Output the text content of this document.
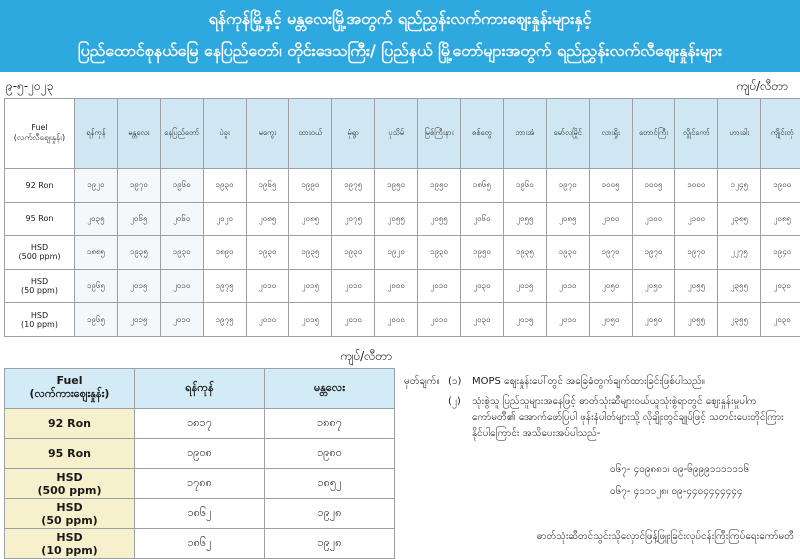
ရန်ကုန်မြို့နှင့် မန္တလေးမြို့အတွက် ရည်ညွှန်းလက်ကားဈေးနှုန်းများနှင့်
ပြည်ထောင်စုနယ်မြေ နေပြည်တော်၊ တိုင်းဒေသကြီး/ ပြည်နယ် မြို့တော်များအတွက် ရည်ညွှန်းလက်လီဈေးနှုန်းများ
၉-၅-၂၀၂၃	ကျပ်/လီတာ
Fuel
(လက်လီဈေးနှုန်း)	ရန်ကုန်	မန္တလေး	နေပြည်တော်	ပဲခူး	မကွေး	ထားဝယ်	မုံရွာ	ပုသိမ်	မြစ်ကြီးနား	စစ်တွေ	ဘားအံ	မော်လမြိုင်	လားရှိုး	တောင်ကြီး	လွိုင်ကော်	ဟားခါး	ကျိုင်းတုံ
92 Ron	၁၉၂၀	၁၉၇၀	၁၉၆၀	၁၉၃၀	၁၉၆၅	၁၉၉၀	၁၉၇၅	၁၉၅၀	၁၉၅၀	၁၈၆၅	၁၉၆၀	၁၉၇၀	၁၀၀၅	၁၀၀၅	၁၀၀၀	၁၂၄၅	၁၉၀၀
95 Ron	၂၀၃၅	၂၀၆၅	၂၀၆၀	၂၀၂၀	၂၀၈၅	၂၀၈၅	၂၀၇၅	၂၀၅၅	၂၀၅၅	၂၀၆၀	၂၀၅၅	၂၀၈၅	၂၁၀၀	၂၁၀၀	၂၁၀၀	၂၃၈၅	၂၀၈၅
HSD
(500 ppm)	၁၈၈၅	၁၉၃၅	၁၉၃၀	၁၈၉၀	၁၉၃၀	၁၉၃၅	၁၉၃၀	၁၉၂၀	၁၉၃၀	၁၉၅၀	၁၉၃၅	၁၉၃၀	၁၉၇၀	၁၉၇၀	၁၉၇၀	၂၂၇၅	၁၉၄၀
HSD
(50 ppm)	၁၉၆၅	၂၀၁၅	၂၀၁၀	၁၉၇၅	၂၀၁၀	၂၀၁၅	၂၀၁၀	၂၀၀၀	၂၀၁၀	၂၀၃၀	၂၀၁၅	၂၀၁၀	၂၀၅၀	၂၀၅၀	၂၀၅၅	၂၃၅၅	၂၀၃၀
HSD
(10 ppm)	၁၉၆၅	၂၀၁၅	၂၀၁၀	၁၉၇၅	၂၀၁၀	၂၀၁၅	၂၀၁၀	၂၀၀၀	၂၀၁၀	၂၀၃၀	၂၀၁၅	၂၀၁၀	၂၀၅၀	၂၀၅၀	၂၀၅၅	၂၃၅၅	၂၀၃၀
ကျပ်/လီတာ
Fuel
(လက်ကားဈေးနှုန်း)	ရန်ကုန်	မန္တလေး
92 Ron	၁၈၁၇	၁၈၈၇
95 Ron	၁၉၀၈	၁၉၈၀
HSD
(500 ppm)	၁၇၈၈	၁၈၅၂
HSD
(50 ppm)	၁၈၆၂	၁၉၂၈
HSD
(10 ppm)	၁၈၆၂	၁၉၂၈
မှတ်ချက်။ (၁) MOPS ဈေးနှုန်းပေါ်တွင် အခြေခံတွက်ချက်ထားခြင်းဖြစ်ပါသည်။
(၂) သုံးစွဲသူ ပြည်သူများအနေဖြင့် ဓာတ်သုံးဆီများဝယ်ယူသုံးစွဲရာတွင် ဈေးနှုန်းမှုပါက ကော်မတီ၏ အောက်ဖော်ပြပါ ဖုန်းနံပါတ်များသို့ လိုချိုးတွင်ချုပ်ဖြင့် သတင်းပေးတိုင်ကြား နိုင်ပါကြောင်း အသိပေးအပ်ပါသည်-
၀၆၇- ၄၀၉၈၈၁၊ ၀၉-၆၉၉၉၁၁၁၁၁၁၆
၀၆၇- ၄၁၁၁၂၈၊ ၀၉-၄၄၀၄၄၄၄၄၄၄
ဓာတ်သုံးဆီတင်သွင်းသိုလှောင်ဖြန့်ဖြူးခြင်းလုပ်ငန်းကြီးကြပ်ရေးကော်မတီ
